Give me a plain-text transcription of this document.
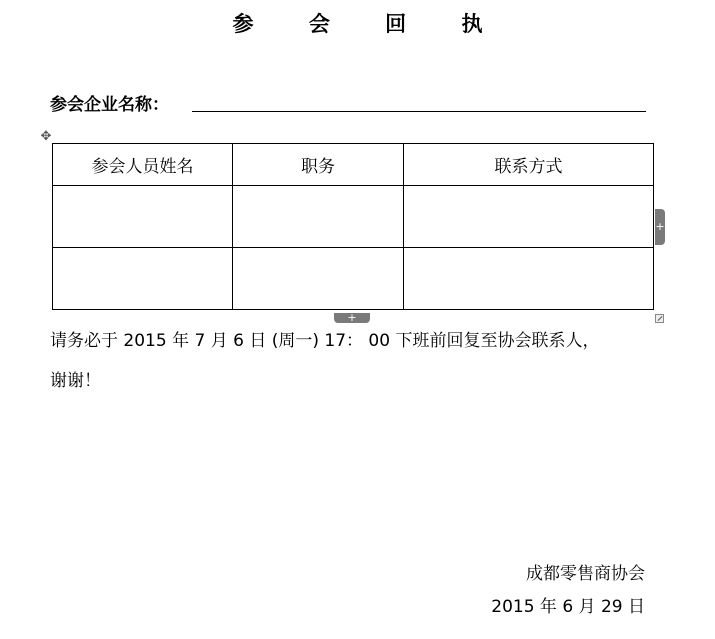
参 会 回 执
参会企业名称：
✥
参会人员姓名	职务	联系方式

+
+
请务必于 2015 年 7 月 6 日 (周一) 17： 00 下班前回复至协会联系人，
谢谢！
成都零售商协会
2015 年 6 月 29 日
